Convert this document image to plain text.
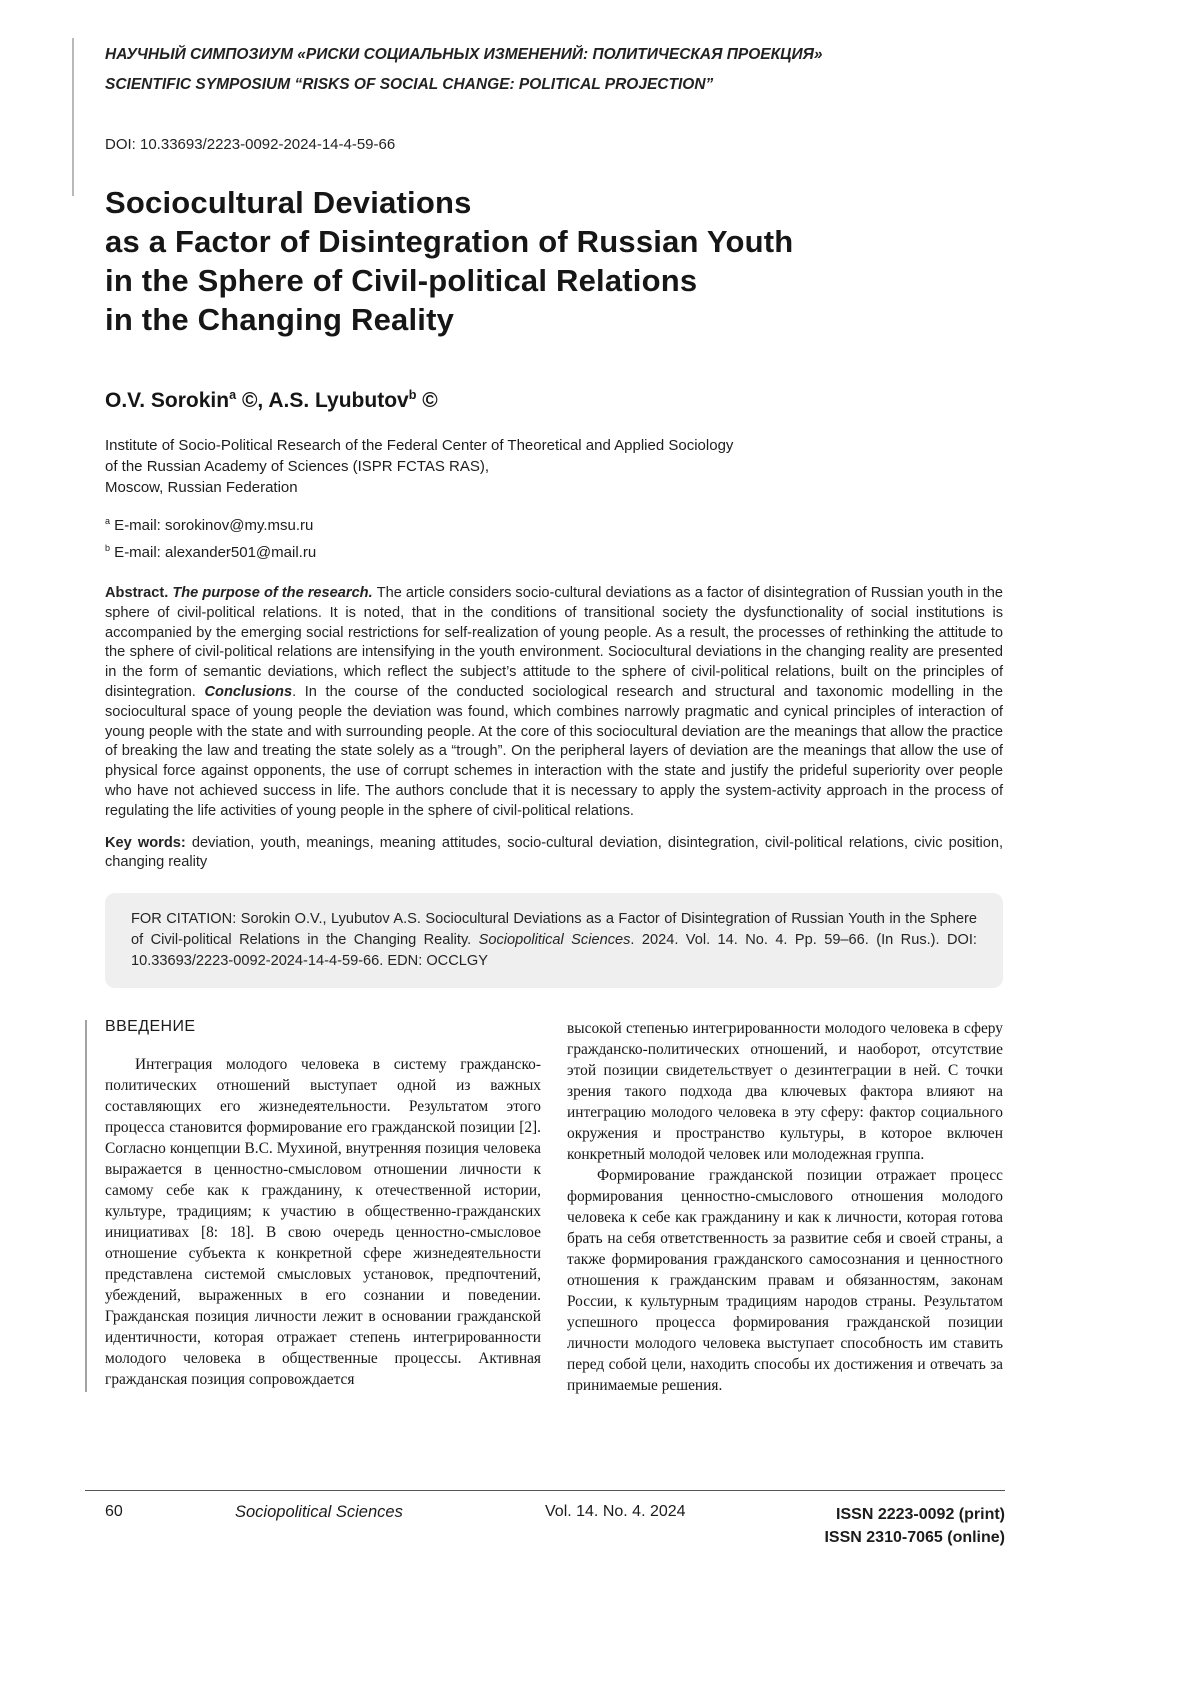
НАУЧНЫЙ СИМПОЗИУМ «РИСКИ СОЦИАЛЬНЫХ ИЗМЕНЕНИЙ: ПОЛИТИЧЕСКАЯ ПРОЕКЦИЯ»
SCIENTIFIC SYMPOSIUM “RISKS OF SOCIAL CHANGE: POLITICAL PROJECTION”
DOI: 10.33693/2223-0092-2024-14-4-59-66
Sociocultural Deviations
as a Factor of Disintegration of Russian Youth
in the Sphere of Civil-political Relations
in the Changing Reality
O.V. Sorokin$^a$ ©, A.S. Lyubutov$^b$ ©
Institute of Socio-Political Research of the Federal Center of Theoretical and Applied Sociology
of the Russian Academy of Sciences (ISPR FCTAS RAS),
Moscow, Russian Federation
$^a$ E-mail: sorokinov@my.msu.ru
$^b$ E-mail: alexander501@mail.ru

Abstract. The purpose of the research. The article considers socio-cultural deviations as a factor of disintegration of Russian youth in the sphere of civil-political relations. It is noted, that in the conditions of transitional society the dysfunctionality of social institutions is accompanied by the emerging social restrictions for self-realization of young people. As a result, the processes of rethinking the attitude to the sphere of civil-political relations are intensifying in the youth environment. Sociocultural deviations in the changing reality are presented in the form of semantic deviations, which reflect the subject’s attitude to the sphere of civil-political relations, built on the principles of disintegration. Conclusions. In the course of the conducted sociological research and structural and taxonomic modelling in the sociocultural space of young people the deviation was found, which combines narrowly pragmatic and cynical principles of interaction of young people with the state and with surrounding people. At the core of this sociocultural deviation are the meanings that allow the practice of breaking the law and treating the state solely as a “trough”. On the peripheral layers of deviation are the meanings that allow the use of physical force against opponents, the use of corrupt schemes in interaction with the state and justify the prideful superiority over people who have not achieved success in life. The authors conclude that it is necessary to apply the system-activity approach in the process of regulating the life activities of young people in the sphere of civil-political relations.

Key words: deviation, youth, meanings, meaning attitudes, socio-cultural deviation, disintegration, civil-political relations, civic position, changing reality

FOR CITATION: Sorokin O.V., Lyubutov A.S. Sociocultural Deviations as a Factor of Disintegration of Russian Youth in the Sphere of Civil-political Relations in the Changing Reality. Sociopolitical Sciences. 2024. Vol. 14. No. 4. Pp. 59–66. (In Rus.). DOI: 10.33693/2223-0092-2024-14-4-59-66. EDN: OCCLGY
ВВЕДЕНИЕ

Интеграция молодого человека в систему гражданско-политических отношений выступает одной из важных составляющих его жизнедеятельности. Результатом этого процесса становится формирование его гражданской позиции [2]. Согласно концепции В.С. Мухиной, внутренняя позиция человека выражается в ценностно-смысловом отношении личности к самому себе как к гражданину, к отечественной истории, культуре, традициям; к участию в общественно-гражданских инициативах [8: 18]. В свою очередь ценностно-смысловое отношение субъекта к конкретной сфере жизнедеятельности представлена системой смысловых установок, предпочтений, убеждений, выраженных в его сознании и поведении. Гражданская позиция личности лежит в основании гражданской идентичности, которая отражает степень интегрированности молодого человека в общественные процессы. Активная гражданская позиция сопровождается

высокой степенью интегрированности молодого человека в сферу гражданско-политических отношений, и наоборот, отсутствие этой позиции свидетельствует о дезинтеграции в ней. С точки зрения такого подхода два ключевых фактора влияют на интеграцию молодого человека в эту сферу: фактор социального окружения и пространство культуры, в которое включен конкретный молодой человек или молодежная группа.

Формирование гражданской позиции отражает процесс формирования ценностно-смыслового отношения молодого человека к себе как гражданину и как к личности, которая готова брать на себя ответственность за развитие себя и своей страны, а также формирования гражданского самосознания и ценностного отношения к гражданским правам и обязанностям, законам России, к культурным традициям народов страны. Результатом успешного процесса формирования гражданской позиции личности молодого человека выступает способность им ставить перед собой цели, находить способы их достижения и отвечать за принимаемые решения.

60	Sociopolitical Sciences	Vol. 14. No. 4. 2024	ISSN 2223-0092 (print)
ISSN 2310-7065 (online)
